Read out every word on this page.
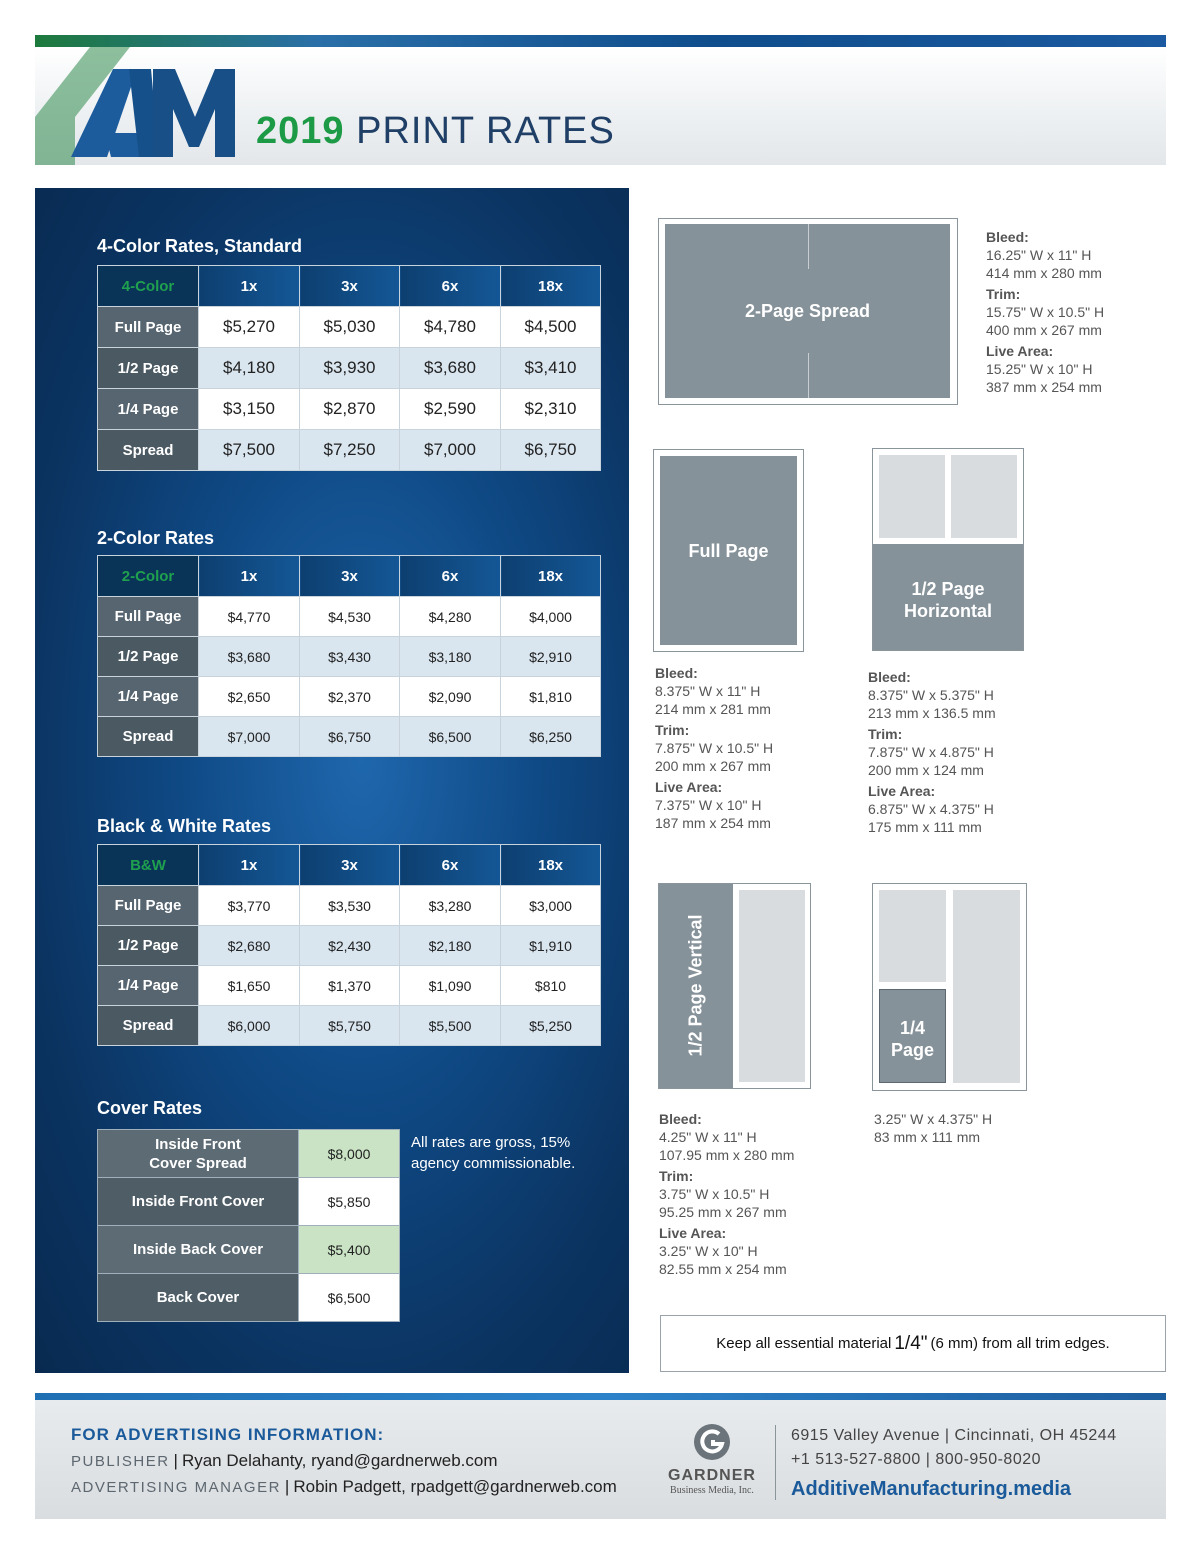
2019 PRINT RATES
4-Color Rates, Standard
4-Color	1x	3x	6x	18x
Full Page	$5,270	$5,030	$4,780	$4,500
1/2 Page	$4,180	$3,930	$3,680	$3,410
1/4 Page	$3,150	$2,870	$2,590	$2,310
Spread	$7,500	$7,250	$7,000	$6,750
2-Color Rates
2-Color	1x	3x	6x	18x
Full Page	$4,770	$4,530	$4,280	$4,000
1/2 Page	$3,680	$3,430	$3,180	$2,910
1/4 Page	$2,650	$2,370	$2,090	$1,810
Spread	$7,000	$6,750	$6,500	$6,250
Black & White Rates
B&W	1x	3x	6x	18x
Full Page	$3,770	$3,530	$3,280	$3,000
1/2 Page	$2,680	$2,430	$2,180	$1,910
1/4 Page	$1,650	$1,370	$1,090	$810
Spread	$6,000	$5,750	$5,500	$5,250
Cover Rates
Inside Front
Cover Spread	$8,000
Inside Front Cover	$5,850
Inside Back Cover	$5,400
Back Cover	$6,500
All rates are gross, 15% agency commissionable.
2-Page Spread
Bleed:
16.25" W x 11" H
414 mm x 280 mm
Trim:
15.75" W x 10.5" H
400 mm x 267 mm
Live Area:
15.25" W x 10" H
387 mm x 254 mm
Full Page
Bleed:
8.375" W x 11" H
214 mm x 281 mm
Trim:
7.875" W x 10.5" H
200 mm x 267 mm
Live Area:
7.375" W x 10" H
187 mm x 254 mm
1/2 Page
Horizontal
Bleed:
8.375" W x 5.375" H
213 mm x 136.5 mm
Trim:
7.875" W x 4.875" H
200 mm x 124 mm
Live Area:
6.875" W x 4.375" H
175 mm x 111 mm
1/2 Page Vertical
Bleed:
4.25" W x 11" H
107.95 mm x 280 mm
Trim:
3.75" W x 10.5" H
95.25 mm x 267 mm
Live Area:
3.25" W x 10" H
82.55 mm x 254 mm
1/4
Page
3.25" W x 4.375" H
83 mm x 111 mm
Keep all essential material 1/4" (6 mm) from all trim edges.
FOR ADVERTISING INFORMATION:
PUBLISHER | Ryan Delahanty, ryand@gardnerweb.com
ADVERTISING MANAGER | Robin Padgett, rpadgett@gardnerweb.com
GARDNER
Business Media, Inc.
6915 Valley Avenue | Cincinnati, OH 45244
+1 513-527-8800 | 800-950-8020
AdditiveManufacturing.media
